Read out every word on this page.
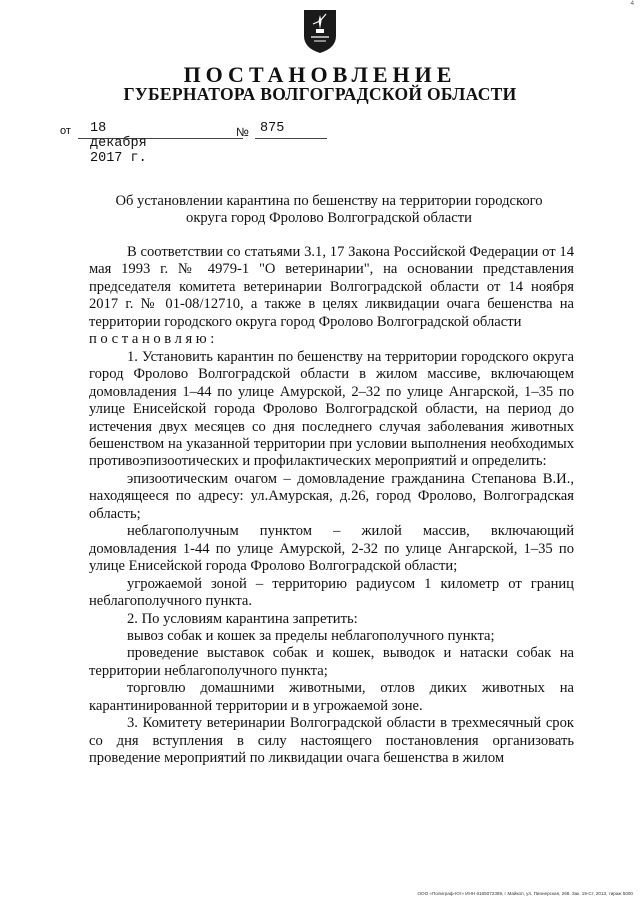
4
ПОСТАНОВЛЕНИЕ
ГУБЕРНАТОРА ВОЛГОГРАДСКОЙ ОБЛАСТИ
от 18 декабря 2017 г.
№ 875
Об установлении карантина по бешенству на территории городского
округа город Фролово Волгоградской области

В соответствии со статьями 3.1, 17 Закона Российской Федерации от 14 мая 1993 г. № 4979-1 "О ветеринарии", на основании представления председателя комитета ветеринарии Волгоградской области от 14 ноября 2017 г. № 01-08/12710, а также в целях ликвидации очага бешенства на территории городского округа город Фролово Волгоградской области

постановляю:

1. Установить карантин по бешенству на территории городского округа город Фролово Волгоградской области в жилом массиве, включающем домовладения 1–44 по улице Амурской, 2–32 по улице Ангарской, 1–35 по улице Енисейской города Фролово Волгоградской области, на период до истечения двух месяцев со дня последнего случая заболевания животных бешенством на указанной территории при условии выполнения необходимых противоэпизоотических и профилактических мероприятий и определить:

эпизоотическим очагом – домовладение гражданина Степанова В.И., находящееся по адресу: ул.Амурская, д.26, город Фролово, Волгоградская область;

неблагополучным пунктом – жилой массив, включающий домовладения 1-44 по улице Амурской, 2-32 по улице Ангарской, 1–35 по улице Енисейской города Фролово Волгоградской области;

угрожаемой зоной – территорию радиусом 1 километр от границ неблагополучного пункта.

2. По условиям карантина запретить:

вывоз собак и кошек за пределы неблагополучного пункта;

проведение выставок собак и кошек, выводок и натаски собак на территории неблагополучного пункта;

торговлю домашними животными, отлов диких животных на карантинированной территории и в угрожаемой зоне.

3. Комитету ветеринарии Волгоградской области в трехмесячный срок со дня вступления в силу настоящего постановления организовать проведение мероприятий по ликвидации очага бешенства в жилом

ООО «Полиграф-Юг» ИНН 6165072389, г Майкоп, ул. Пионерская, 268. Зак. 19-Ст, 2013, тираж 5000
